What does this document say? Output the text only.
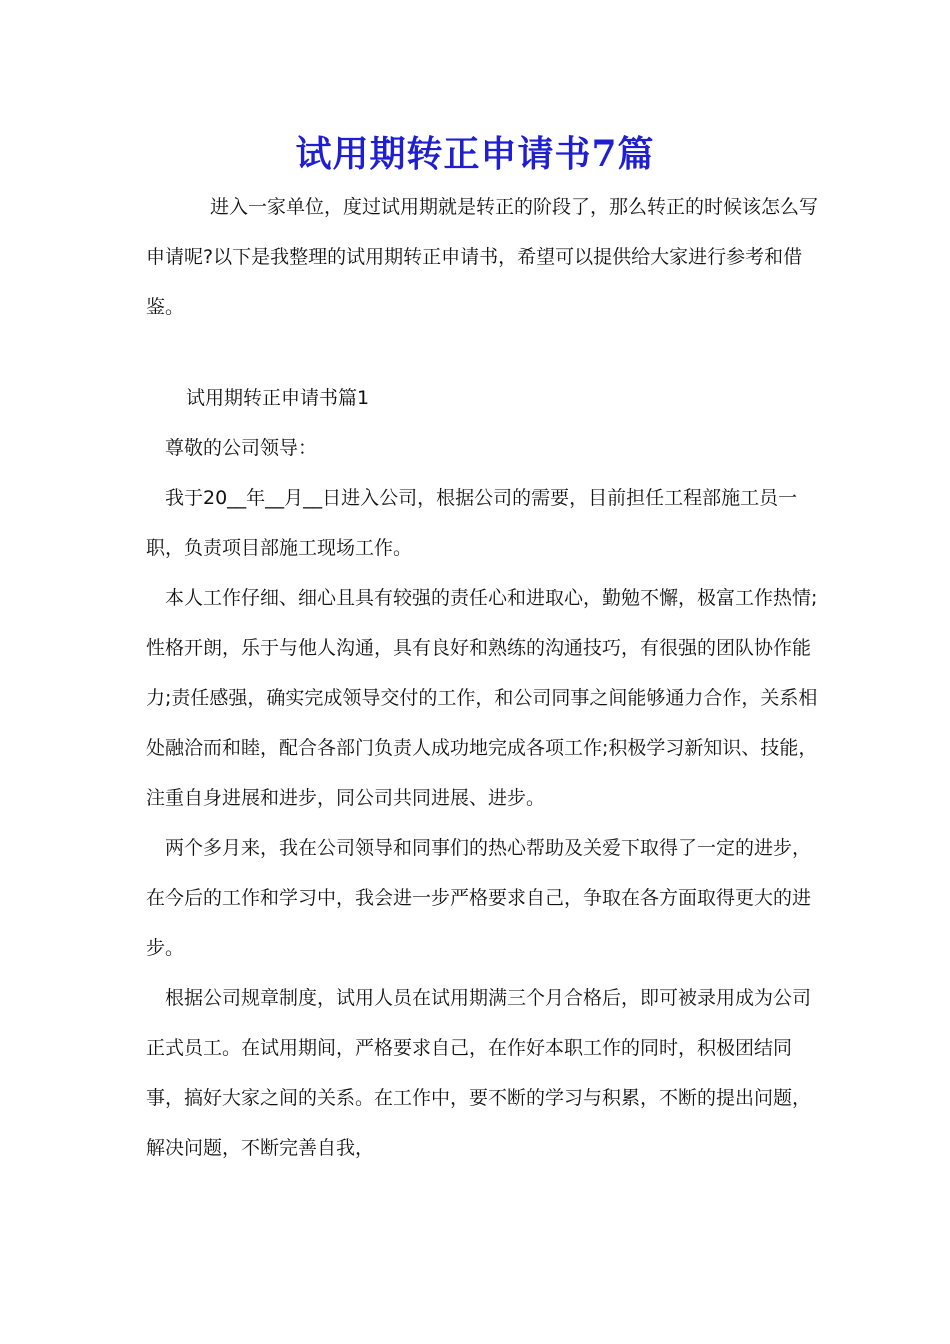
试用期转正申请书7篇

进入一家单位，度过试用期就是转正的阶段了，那么转正的时候该怎么写申请呢?以下是我整理的试用期转正申请书，希望可以提供给大家进行参考和借鉴。

试用期转正申请书篇1

尊敬的公司领导：

我于20__年__月__日进入公司，根据公司的需要，目前担任工程部施工员一职，负责项目部施工现场工作。

本人工作仔细、细心且具有较强的责任心和进取心，勤勉不懈，极富工作热情;性格开朗，乐于与他人沟通，具有良好和熟练的沟通技巧，有很强的团队协作能力;责任感强，确实完成领导交付的工作，和公司同事之间能够通力合作，关系相处融洽而和睦，配合各部门负责人成功地完成各项工作;积极学习新知识、技能，注重自身进展和进步，同公司共同进展、进步。

两个多月来，我在公司领导和同事们的热心帮助及关爱下取得了一定的进步，在今后的工作和学习中，我会进一步严格要求自己，争取在各方面取得更大的进步。

根据公司规章制度，试用人员在试用期满三个月合格后，即可被录用成为公司正式员工。在试用期间，严格要求自己，在作好本职工作的同时，积极团结同事，搞好大家之间的关系。在工作中，要不断的学习与积累，不断的提出问题，解决问题，不断完善自我，
